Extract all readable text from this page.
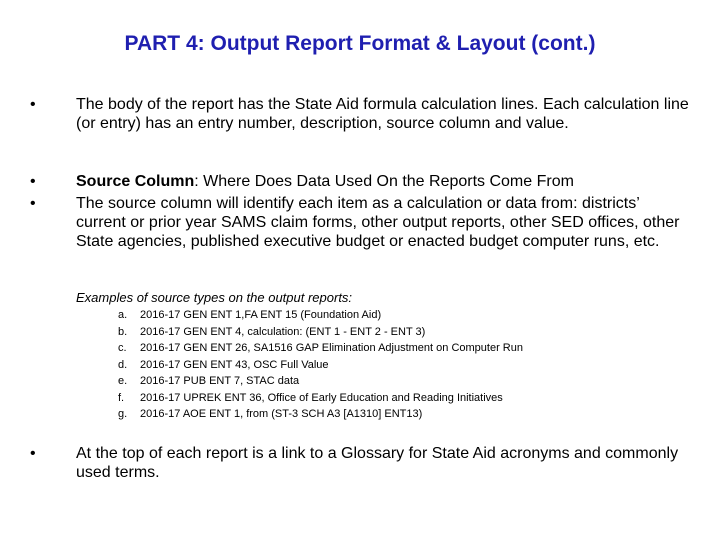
PART 4: Output Report Format & Layout (cont.)
•	The body of the report has the State Aid formula calculation lines. Each calculation line (or entry) has an entry number, description, source column and value.
•	Source Column: Where Does Data Used On the Reports Come From
•	The source column will identify each item as a calculation or data from: districts’ current or prior year SAMS claim forms, other output reports, other SED offices, other State agencies, published executive budget or enacted budget computer runs, etc.
Examples of source types on the output reports:
a. 2016-17 GEN ENT 1,FA ENT 15 (Foundation Aid)
b. 2016-17 GEN ENT 4, calculation: (ENT 1 - ENT 2 - ENT 3)
c. 2016-17 GEN ENT 26, SA1516 GAP Elimination Adjustment on Computer Run
d. 2016-17 GEN ENT 43, OSC Full Value
e. 2016-17 PUB ENT 7, STAC data
f. 2016-17 UPREK ENT 36, Office of Early Education and Reading Initiatives
g. 2016-17 AOE ENT 1, from (ST-3 SCH A3 [A1310] ENT13)
•	At the top of each report is a link to a Glossary for State Aid acronyms and commonly used terms.
